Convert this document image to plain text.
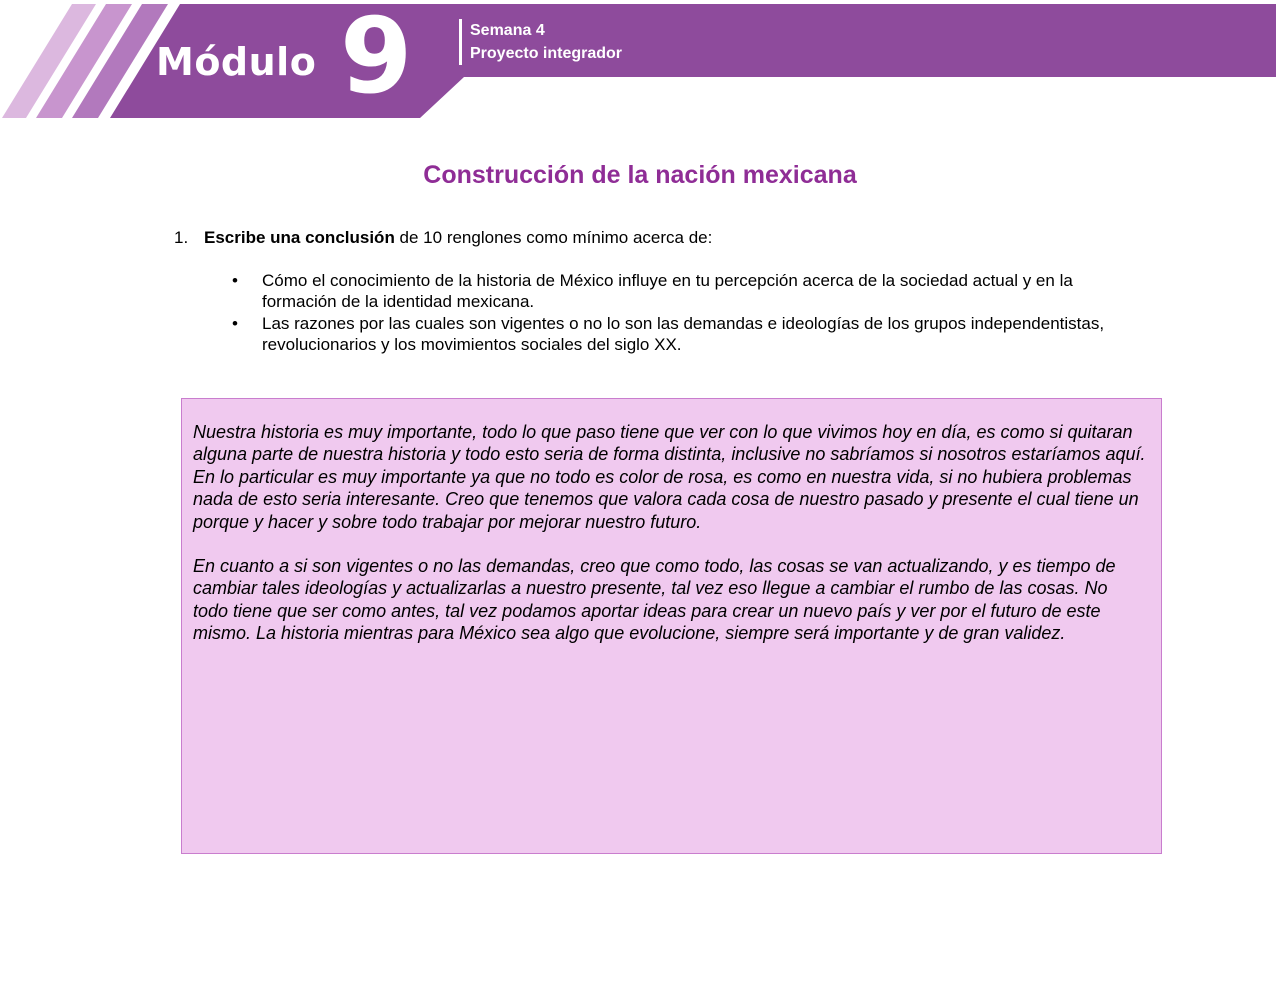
Módulo 9	Semana 4
Proyecto integrador
Construcción de la nación mexicana
1. Escribe una conclusión de 10 renglones como mínimo acerca de:
• Cómo el conocimiento de la historia de México influye en tu percepción acerca de la sociedad actual y en la formación de la identidad mexicana.
• Las razones por las cuales son vigentes o no lo son las demandas e ideologías de los grupos independentistas, revolucionarios y los movimientos sociales del siglo XX.

Nuestra historia es muy importante, todo lo que paso tiene que ver con lo que vivimos hoy en día, es como si quitaran alguna parte de nuestra historia y todo esto seria de forma distinta, inclusive no sabríamos si nosotros estaríamos aquí. En lo particular es muy importante ya que no todo es color de rosa, es como en nuestra vida, si no hubiera problemas nada de esto seria interesante. Creo que tenemos que valora cada cosa de nuestro pasado y presente el cual tiene un porque y hacer y sobre todo trabajar por mejorar nuestro futuro.

En cuanto a si son vigentes o no las demandas, creo que como todo, las cosas se van actualizando, y es tiempo de cambiar tales ideologías y actualizarlas a nuestro presente, tal vez eso llegue a cambiar el rumbo de las cosas. No todo tiene que ser como antes, tal vez podamos aportar ideas para crear un nuevo país y ver por el futuro de este mismo. La historia mientras para México sea algo que evolucione, siempre será importante y de gran validez.
